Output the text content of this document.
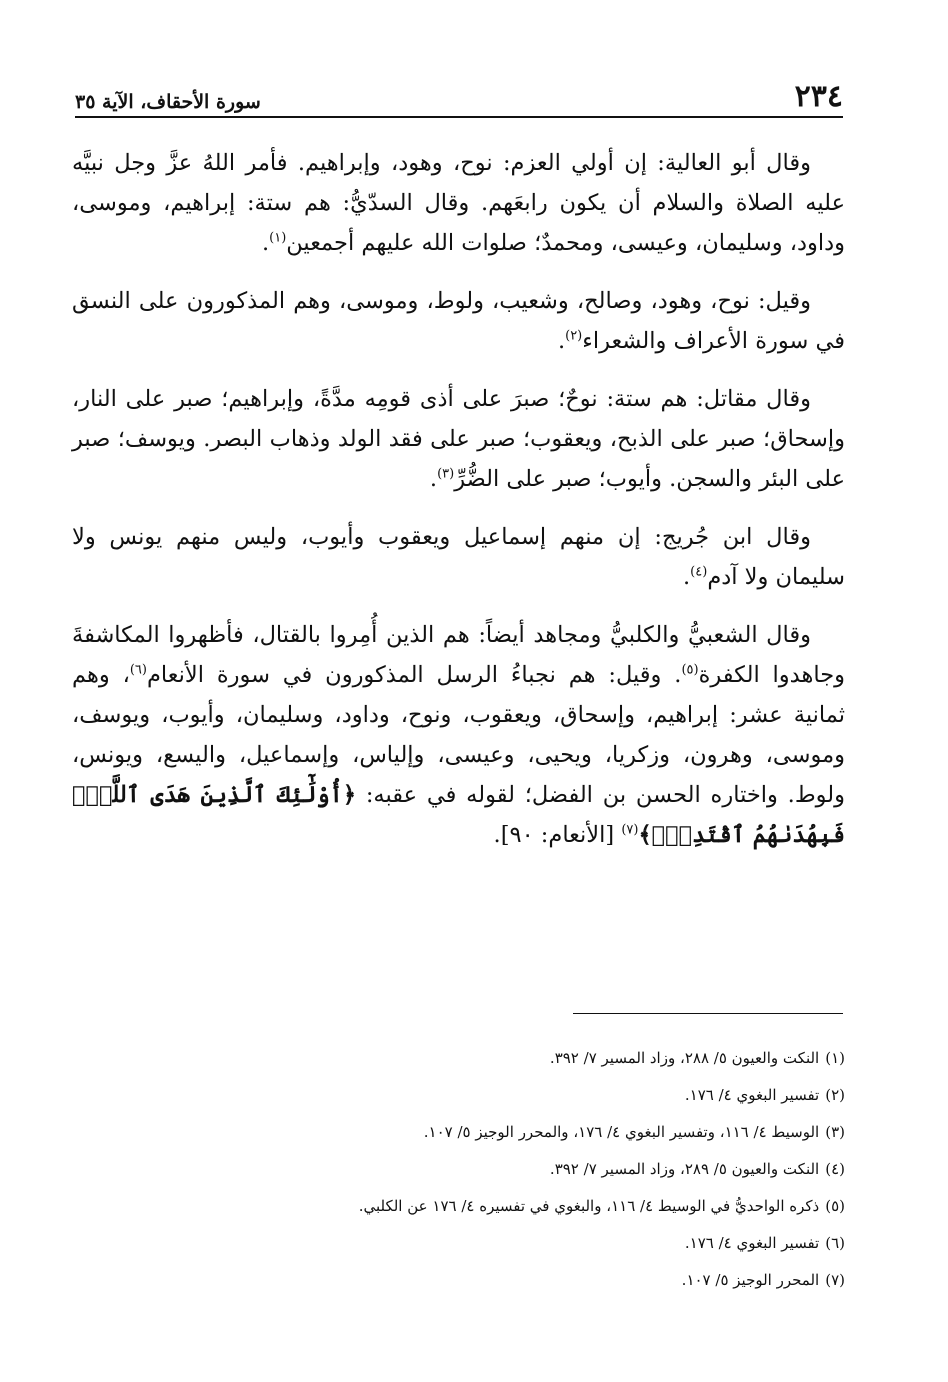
٢٣٤
سورة الأحقاف، الآية ٣٥

وقال أبو العالية: إن أولي العزم: نوح، وهود، وإبراهيم. فأمر اللهُ عزَّ وجل نبيَّه عليه الصلاة والسلام أن يكون رابعَهم. وقال السدّيُّ: هم ستة: إبراهيم، وموسى، وداود، وسليمان، وعيسى، ومحمدٌ؛ صلوات الله عليهم أجمعين$^{(١)}$.

وقيل: نوح، وهود، وصالح، وشعيب، ولوط، وموسى، وهم المذكورون على النسق في سورة الأعراف والشعراء$^{(٢)}$.

وقال مقاتل: هم ستة: نوحٌ؛ صبرَ على أذى قومِه مدَّةً، وإبراهيم؛ صبر على النار، وإسحاق؛ صبر على الذبح، ويعقوب؛ صبر على فقد الولد وذهاب البصر. ويوسف؛ صبر على البئر والسجن. وأيوب؛ صبر على الضُّرِّ$^{(٣)}$.

وقال ابن جُريج: إن منهم إسماعيل ويعقوب وأيوب، وليس منهم يونس ولا سليمان ولا آدم$^{(٤)}$.

وقال الشعبيُّ والكلبيُّ ومجاهد أيضاً: هم الذين أُمِروا بالقتال، فأظهروا المكاشفةَ وجاهدوا الكفرة$^{(٥)}$. وقيل: هم نجباءُ الرسل المذكورون في سورة الأنعام$^{(٦)}$، وهم ثمانية عشر: إبراهيم، وإسحاق، ويعقوب، ونوح، وداود، وسليمان، وأيوب، ويوسف، وموسى، وهرون، وزكريا، ويحيى، وعيسى، وإلياس، وإسماعيل، واليسع، ويونس، ولوط. واختاره الحسن بن الفضل؛ لقوله في عقبه: ﴿أُوْلَٰٓئِكَ ٱلَّذِينَ هَدَى ٱللَّهُۖ فَبِهُدَىٰهُمُ ٱقْتَدِهْۗ﴾$^{(٧)}$ [الأنعام: ٩٠].

(١)النكت والعيون ٥/ ٢٨٨، وزاد المسير ٧/ ٣٩٢.
(٢)تفسير البغوي ٤/ ١٧٦.
(٣)الوسيط ٤/ ١١٦، وتفسير البغوي ٤/ ١٧٦، والمحرر الوجيز ٥/ ١٠٧.
(٤)النكت والعيون ٥/ ٢٨٩، وزاد المسير ٧/ ٣٩٢.
(٥)ذكره الواحديُّ في الوسيط ٤/ ١١٦، والبغوي في تفسيره ٤/ ١٧٦ عن الكلبي.
(٦)تفسير البغوي ٤/ ١٧٦.
(٧)المحرر الوجيز ٥/ ١٠٧.
